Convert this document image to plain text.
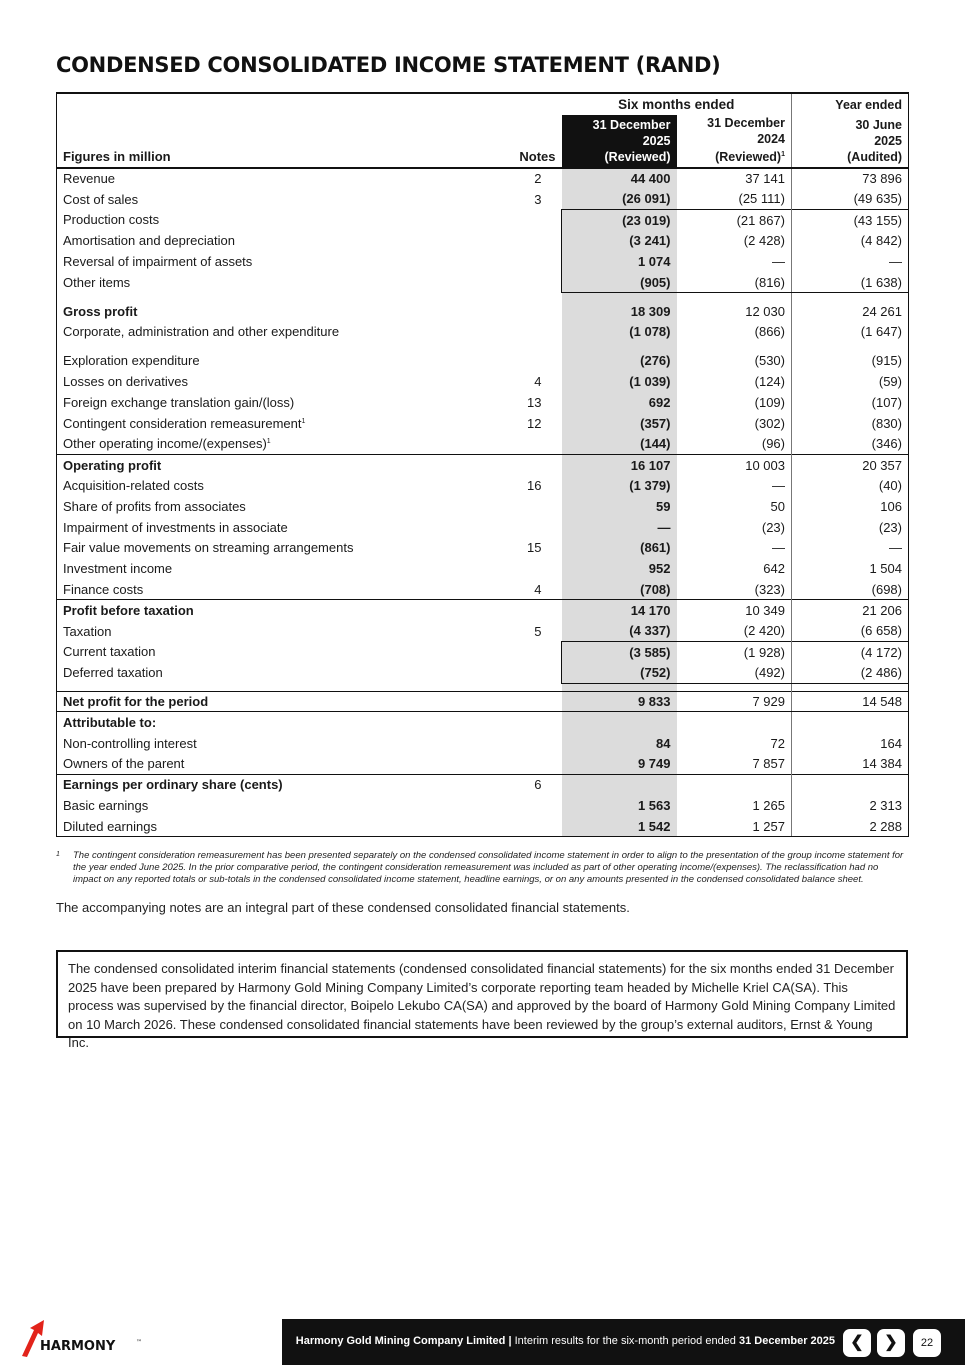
CONDENSED CONSOLIDATED INCOME STATEMENT (RAND)
		Six months ended		Year ended
Figures in million	Notes	31 December
2025
(Reviewed)	31 December
2024
(Reviewed)$^1$	30 June
2025
(Audited)
Revenue	2	44 400	37 141	73 896
Cost of sales	3	(26 091)	(25 111)	(49 635)
Production costs		(23 019)	(21 867)	(43 155)
Amortisation and depreciation		(3 241)	(2 428)	(4 842)
Reversal of impairment of assets		1 074	—	—
Other items		(905)	(816)	(1 638)

Gross profit		18 309	12 030	24 261
Corporate, administration and other expenditure		(1 078)	(866)	(1 647)

Exploration expenditure		(276)	(530)	(915)
Losses on derivatives	4	(1 039)	(124)	(59)
Foreign exchange translation gain/(loss)	13	692	(109)	(107)
Contingent consideration remeasurement$^1$	12	(357)	(302)	(830)
Other operating income/(expenses)$^1$		(144)	(96)	(346)
Operating profit		16 107	10 003	20 357
Acquisition-related costs	16	(1 379)	—	(40)
Share of profits from associates		59	50	106
Impairment of investments in associate		—	(23)	(23)
Fair value movements on streaming arrangements	15	(861)	—	—
Investment income		952	642	1 504
Finance costs	4	(708)	(323)	(698)
Profit before taxation		14 170	10 349	21 206
Taxation	5	(4 337)	(2 420)	(6 658)
Current taxation		(3 585)	(1 928)	(4 172)
Deferred taxation		(752)	(492)	(2 486)

Net profit for the period		9 833	7 929	14 548
Attributable to:				
Non-controlling interest		84	72	164
Owners of the parent		9 749	7 857	14 384
Earnings per ordinary share (cents)	6			
Basic earnings		1 563	1 265	2 313
Diluted earnings		1 542	1 257	2 288
1	The contingent consideration remeasurement has been presented separately on the condensed consolidated income statement in order to align to the presentation of the group income statement for the year ended June 2025. In the prior comparative period, the contingent consideration remeasurement was included as part of other operating income/(expenses). The reclassification had no impact on any reported totals or sub-totals in the condensed consolidated income statement, headline earnings, or on any amounts presented in the condensed consolidated balance sheet.
The accompanying notes are an integral part of these condensed consolidated financial statements.
The condensed consolidated interim financial statements (condensed consolidated financial statements) for the six months ended 31 December 2025 have been prepared by Harmony Gold Mining Company Limited’s corporate reporting team headed by Michelle Kriel CA(SA). This process was supervised by the financial director, Boipelo Lekubo CA(SA) and approved by the board of Harmony Gold Mining Company Limited on 10 March 2026. These condensed consolidated financial statements have been reviewed by the group’s external auditors, Ernst & Young Inc.
HARMONY	™	Harmony Gold Mining Company Limited | Interim results for the six-month period ended 31 December 2025 ❮	❯	22
